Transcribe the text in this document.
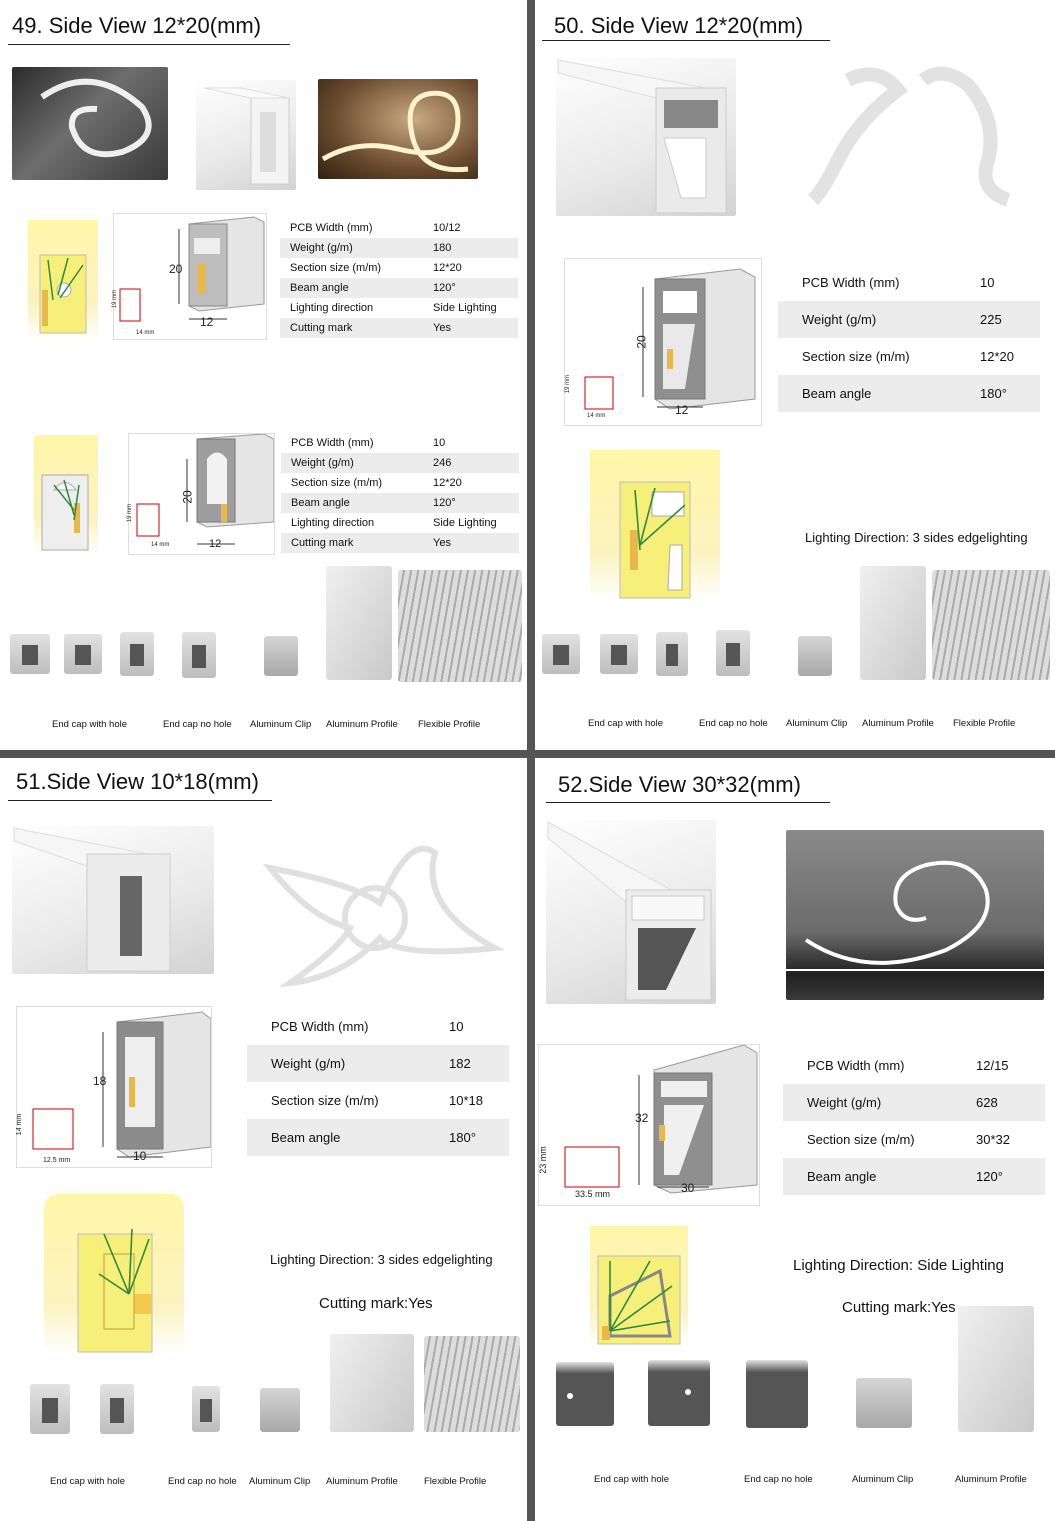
49. Side View 12*20(mm)
20
12
19 mm
14 mm
PCB Width (mm)	10/12
Weight (g/m)	180
Section size (m/m)	12*20
Beam angle	120°
Lighting direction	Side Lighting
Cutting mark	Yes
20
12
19 mm
14 mm
PCB Width (mm)	10
Weight (g/m)	246
Section size (m/m)	12*20
Beam angle	120°
Lighting direction	Side Lighting
Cutting mark	Yes
End cap with hole	End cap no hole Aluminum Clip Aluminum Profile Flexible Profile
50. Side View 12*20(mm)
20
12
19 mm
14 mm
PCB Width (mm)	10
Weight (g/m)	225
Section size (m/m)	12*20
Beam angle	180°
Lighting Direction: 3 sides edgelighting
End cap with hole	End cap no hole Aluminum Clip Aluminum Profile Flexible Profile
51.Side View 10*18(mm)
18
10
14 mm
12.5 mm
PCB Width (mm)	10
Weight (g/m)	182
Section size (m/m)	10*18
Beam angle	180°
Lighting Direction: 3 sides edgelighting
Cutting mark:Yes
End cap with hole	End cap no hole Aluminum Clip Aluminum Profile	Flexible Profile
52.Side View 30*32(mm)
32
30
23 mm
33.5 mm
PCB Width (mm)	12/15
Weight (g/m)	628
Section size (m/m)	30*32
Beam angle	120°
Lighting Direction: Side Lighting
Cutting mark:Yes
End cap with hole	End cap no hole	Aluminum Clip	Aluminum Profile
